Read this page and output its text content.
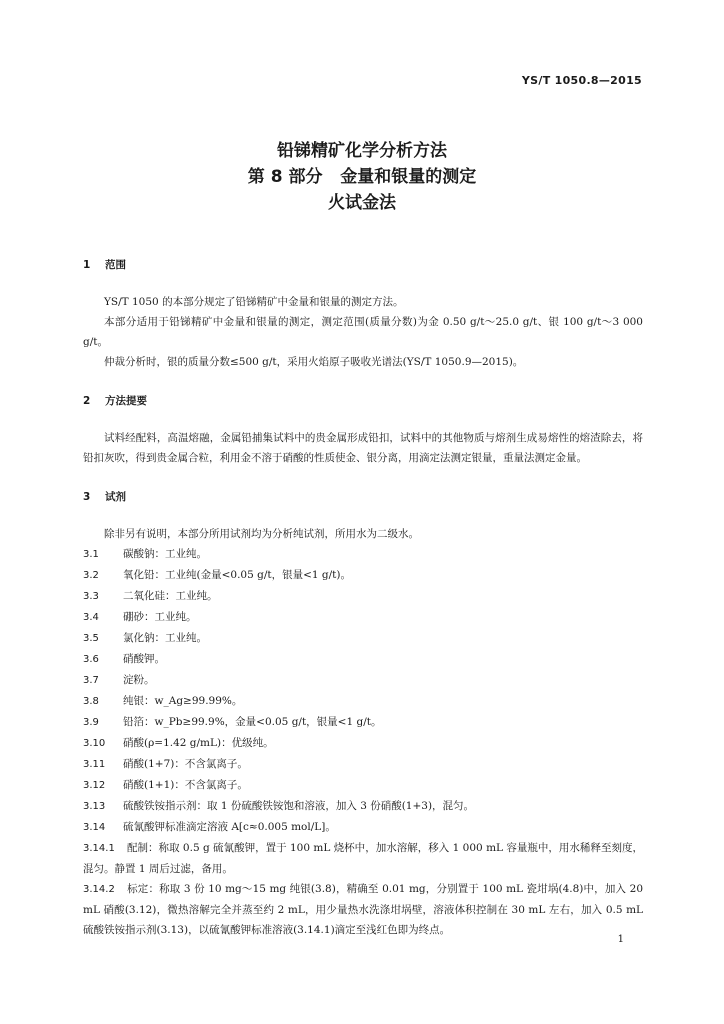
YS/T 1050.8—2015
铅锑精矿化学分析方法
第 8 部分   金量和银量的测定
火试金法
1 范围

YS/T 1050 的本部分规定了铅锑精矿中金量和银量的测定方法。

本部分适用于铅锑精矿中金量和银量的测定，测定范围(质量分数)为金 0.50 g/t～25.0 g/t、银 100 g/t～3 000 g/t。

仲裁分析时，银的质量分数≤500 g/t，采用火焰原子吸收光谱法(YS/T 1050.9—2015)。

2 方法提要

试料经配料，高温熔融，金属铅捕集试料中的贵金属形成铅扣，试料中的其他物质与熔剂生成易熔性的熔渣除去，将铅扣灰吹，得到贵金属合粒，利用金不溶于硝酸的性质使金、银分离，用滴定法测定银量，重量法测定金量。

3 试剂

除非另有说明，本部分所用试剂均为分析纯试剂，所用水为二级水。

3.1 碳酸钠：工业纯。

3.2 氧化铅：工业纯(金量<0.05 g/t，银量<1 g/t)。

3.3 二氧化硅：工业纯。

3.4 硼砂：工业纯。

3.5 氯化钠：工业纯。

3.6 硝酸钾。

3.7 淀粉。

3.8 纯银：w_Ag≥99.99%。

3.9 铅箔：w_Pb≥99.9%，金量<0.05 g/t，银量<1 g/t。

3.10 硝酸(ρ=1.42 g/mL)：优级纯。

3.11 硝酸(1+7)：不含氯离子。

3.12 硝酸(1+1)：不含氯离子。

3.13 硫酸铁铵指示剂：取 1 份硫酸铁铵饱和溶液，加入 3 份硝酸(1+3)，混匀。

3.14 硫氰酸钾标准滴定溶液 A[c≈0.005 mol/L]。

3.14.1 配制：称取 0.5 g 硫氰酸钾，置于 100 mL 烧杯中，加水溶解，移入 1 000 mL 容量瓶中，用水稀释至刻度，混匀。静置 1 周后过滤，备用。

3.14.2 标定：称取 3 份 10 mg～15 mg 纯银(3.8)，精确至 0.01 mg，分别置于 100 mL 瓷坩埚(4.8)中，加入 20 mL 硝酸(3.12)，微热溶解完全并蒸至约 2 mL，用少量热水洗涤坩埚壁，溶液体积控制在 30 mL 左右，加入 0.5 mL 硫酸铁铵指示剂(3.13)，以硫氰酸钾标准溶液(3.14.1)滴定至浅红色即为终点。

1
